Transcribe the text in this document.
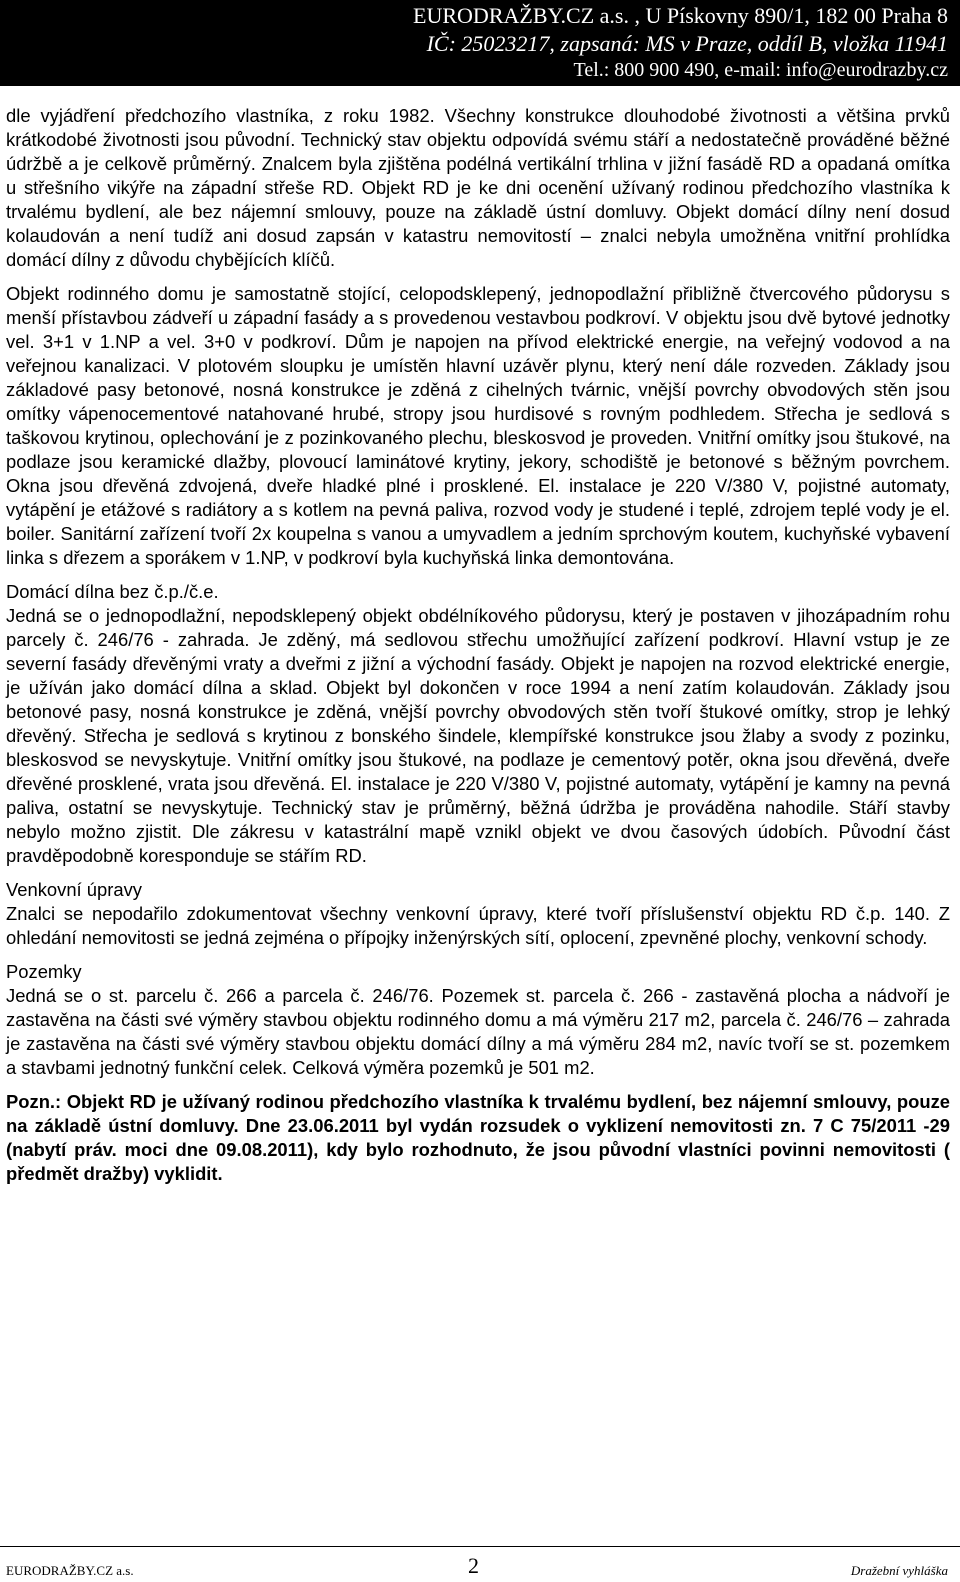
EURODRAŽBY.CZ a.s. , U Pískovny 890/1, 182 00 Praha 8
IČ: 25023217, zapsaná: MS v Praze, oddíl B, vložka 11941
Tel.: 800 900 490, e-mail: info@eurodrazby.cz

dle vyjádření předchozího vlastníka, z roku 1982. Všechny konstrukce dlouhodobé životnosti a většina prvků krátkodobé životnosti jsou původní. Technický stav objektu odpovídá svému stáří a nedostatečně prováděné běžné údržbě a je celkově průměrný. Znalcem byla zjištěna podélná vertikální trhlina v jižní fasádě RD a opadaná omítka u střešního vikýře na západní střeše RD. Objekt RD je ke dni ocenění užívaný rodinou předchozího vlastníka k trvalému bydlení, ale bez nájemní smlouvy, pouze na základě ústní domluvy. Objekt domácí dílny není dosud kolaudován a není tudíž ani dosud zapsán v katastru nemovitostí – znalci nebyla umožněna vnitřní prohlídka domácí dílny z důvodu chybějících klíčů.

Objekt rodinného domu je samostatně stojící, celopodsklepený, jednopodlažní přibližně čtvercového půdorysu s menší přístavbou zádveří u západní fasády a s provedenou vestavbou podkroví. V objektu jsou dvě bytové jednotky vel. 3+1 v 1.NP a vel. 3+0 v podkroví. Dům je napojen na přívod elektrické energie, na veřejný vodovod a na veřejnou kanalizaci. V plotovém sloupku je umístěn hlavní uzávěr plynu, který není dále rozveden. Základy jsou základové pasy betonové, nosná konstrukce je zděná z cihelných tvárnic, vnější povrchy obvodových stěn jsou omítky vápenocementové natahované hrubé, stropy jsou hurdisové s rovným podhledem. Střecha je sedlová s taškovou krytinou, oplechování je z pozinkovaného plechu, bleskosvod je proveden. Vnitřní omítky jsou štukové, na podlaze jsou keramické dlažby, plovoucí laminátové krytiny, jekory, schodiště je betonové s běžným povrchem. Okna jsou dřevěná zdvojená, dveře hladké plné i prosklené. El. instalace je 220 V/380 V, pojistné automaty, vytápění je etážové s radiátory a s kotlem na pevná paliva, rozvod vody je studené i teplé, zdrojem teplé vody je el. boiler. Sanitární zařízení tvoří 2x koupelna s vanou a umyvadlem a jedním sprchovým koutem, kuchyňské vybavení linka s dřezem a sporákem v 1.NP, v podkroví byla kuchyňská linka demontována.

Domácí dílna bez č.p./č.e.

Jedná se o jednopodlažní, nepodsklepený objekt obdélníkového půdorysu, který je postaven v jihozápadním rohu parcely č. 246/76 - zahrada. Je zděný, má sedlovou střechu umožňující zařízení podkroví. Hlavní vstup je ze severní fasády dřevěnými vraty a dveřmi z jižní a východní fasády. Objekt je napojen na rozvod elektrické energie, je užíván jako domácí dílna a sklad. Objekt byl dokončen v roce 1994 a není zatím kolaudován. Základy jsou betonové pasy, nosná konstrukce je zděná, vnější povrchy obvodových stěn tvoří štukové omítky, strop je lehký dřevěný. Střecha je sedlová s krytinou z bonského šindele, klempířské konstrukce jsou žlaby a svody z pozinku, bleskosvod se nevyskytuje. Vnitřní omítky jsou štukové, na podlaze je cementový potěr, okna jsou dřevěná, dveře dřevěné prosklené, vrata jsou dřevěná. El. instalace je 220 V/380 V, pojistné automaty, vytápění je kamny na pevná paliva, ostatní se nevyskytuje. Technický stav je průměrný, běžná údržba je prováděna nahodile. Stáří stavby nebylo možno zjistit. Dle zákresu v katastrální mapě vznikl objekt ve dvou časových údobích. Původní část pravděpodobně koresponduje se stářím RD.

Venkovní úpravy

Znalci se nepodařilo zdokumentovat všechny venkovní úpravy, které tvoří příslušenství objektu RD č.p. 140. Z ohledání nemovitosti se jedná zejména o přípojky inženýrských sítí, oplocení, zpevněné plochy, venkovní schody.

Pozemky

Jedná se o st. parcelu č. 266 a parcela č. 246/76. Pozemek st. parcela č. 266 - zastavěná plocha a nádvoří je zastavěna na části své výměry stavbou objektu rodinného domu a má výměru 217 m2, parcela č. 246/76 – zahrada je zastavěna na části své výměry stavbou objektu domácí dílny a má výměru 284 m2, navíc tvoří se st. pozemkem a stavbami jednotný funkční celek. Celková výměra pozemků je 501 m2.

Pozn.: Objekt RD je užívaný rodinou předchozího vlastníka k trvalému bydlení, bez nájemní smlouvy, pouze na základě ústní domluvy. Dne 23.06.2011 byl vydán rozsudek o vyklizení nemovitosti zn. 7 C 75/2011 -29 (nabytí práv. moci dne 09.08.2011), kdy bylo rozhodnuto, že jsou původní vlastníci povinni nemovitosti ( předmět dražby) vyklidit.

EURODRAŽBY.CZ a.s.	2	Dražební vyhláška
